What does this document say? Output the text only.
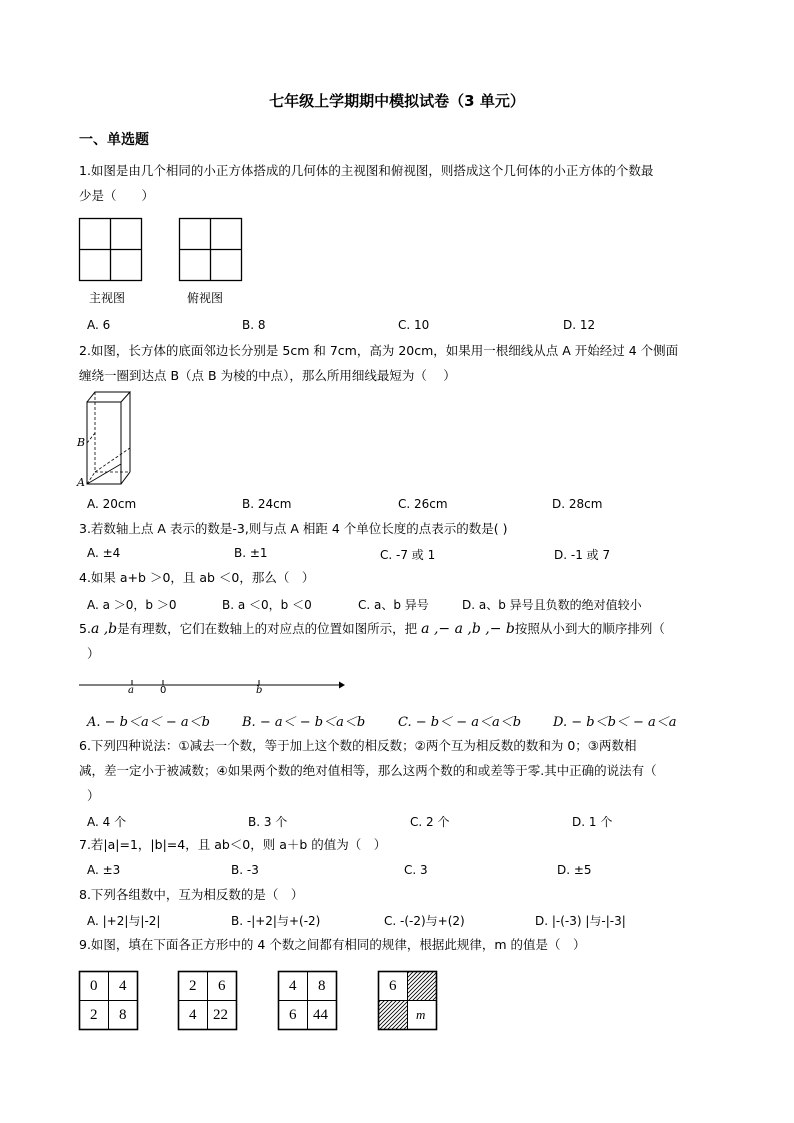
七年级上学期期中模拟试卷（3 单元）
一、单选题
1.如图是由几个相同的小正方体搭成的几何体的主视图和俯视图，则搭成这个几何体的小正方体的个数最
少是（　　）
主视图	俯视图
A. 6	B. 8	C. 10	D. 12
2.如图，长方体的底面邻边长分别是 5cm 和 7cm，高为 20cm，如果用一根细线从点 A 开始经过 4 个侧面
缠绕一圈到达点 B（点 B 为棱的中点），那么所用细线最短为（　 ）
B
A
A. 20cm	B. 24cm	C. 26cm	D. 28cm
3.若数轴上点 A 表示的数是-3,则与点 A 相距 4 个单位长度的点表示的数是( )
A. ±4	B. ±1	C. -7 或 1	D. -1 或 7
4.如果 a+b ＞0，且 ab ＜0，那么（　）
A. a ＞0，b ＞0	B. a ＜0，b ＜0	C. a、b 异号	D. a、b 异号且负数的绝对值较小
5.a ,b是有理数，它们在数轴上的对应点的位置如图所示，把 a ,− a ,b ,− b按照从小到大的顺序排列（
）
a	0	b
A. − b＜a＜ − a＜b B. − a＜ − b＜a＜b	C. − b＜ − a＜a＜b D. − b＜b＜ − a＜a
6.下列四种说法：①减去一个数，等于加上这个数的相反数；②两个互为相反数的数和为 0；③两数相
减，差一定小于被减数；④如果两个数的绝对值相等，那么这两个数的和或差等于零.其中正确的说法有（
）
A. 4 个	B. 3 个	C. 2 个	D. 1 个
7.若|a|=1，|b|=4，且 ab＜0，则 a＋b 的值为（　）
A. ±3	B. -3	C. 3	D. ±5
8.下列各组数中，互为相反数的是（　）
A. |+2|与|-2|	B. -|+2|与+(-2)	C. -(-2)与+(2)	D. |-(-3) |与-|-3|
9.如图，填在下面各正方形中的 4 个数之间都有相同的规律，根据此规律，m 的值是（　）
0 4
2 8
2 6
4 22
4 8
6 44
6
m
